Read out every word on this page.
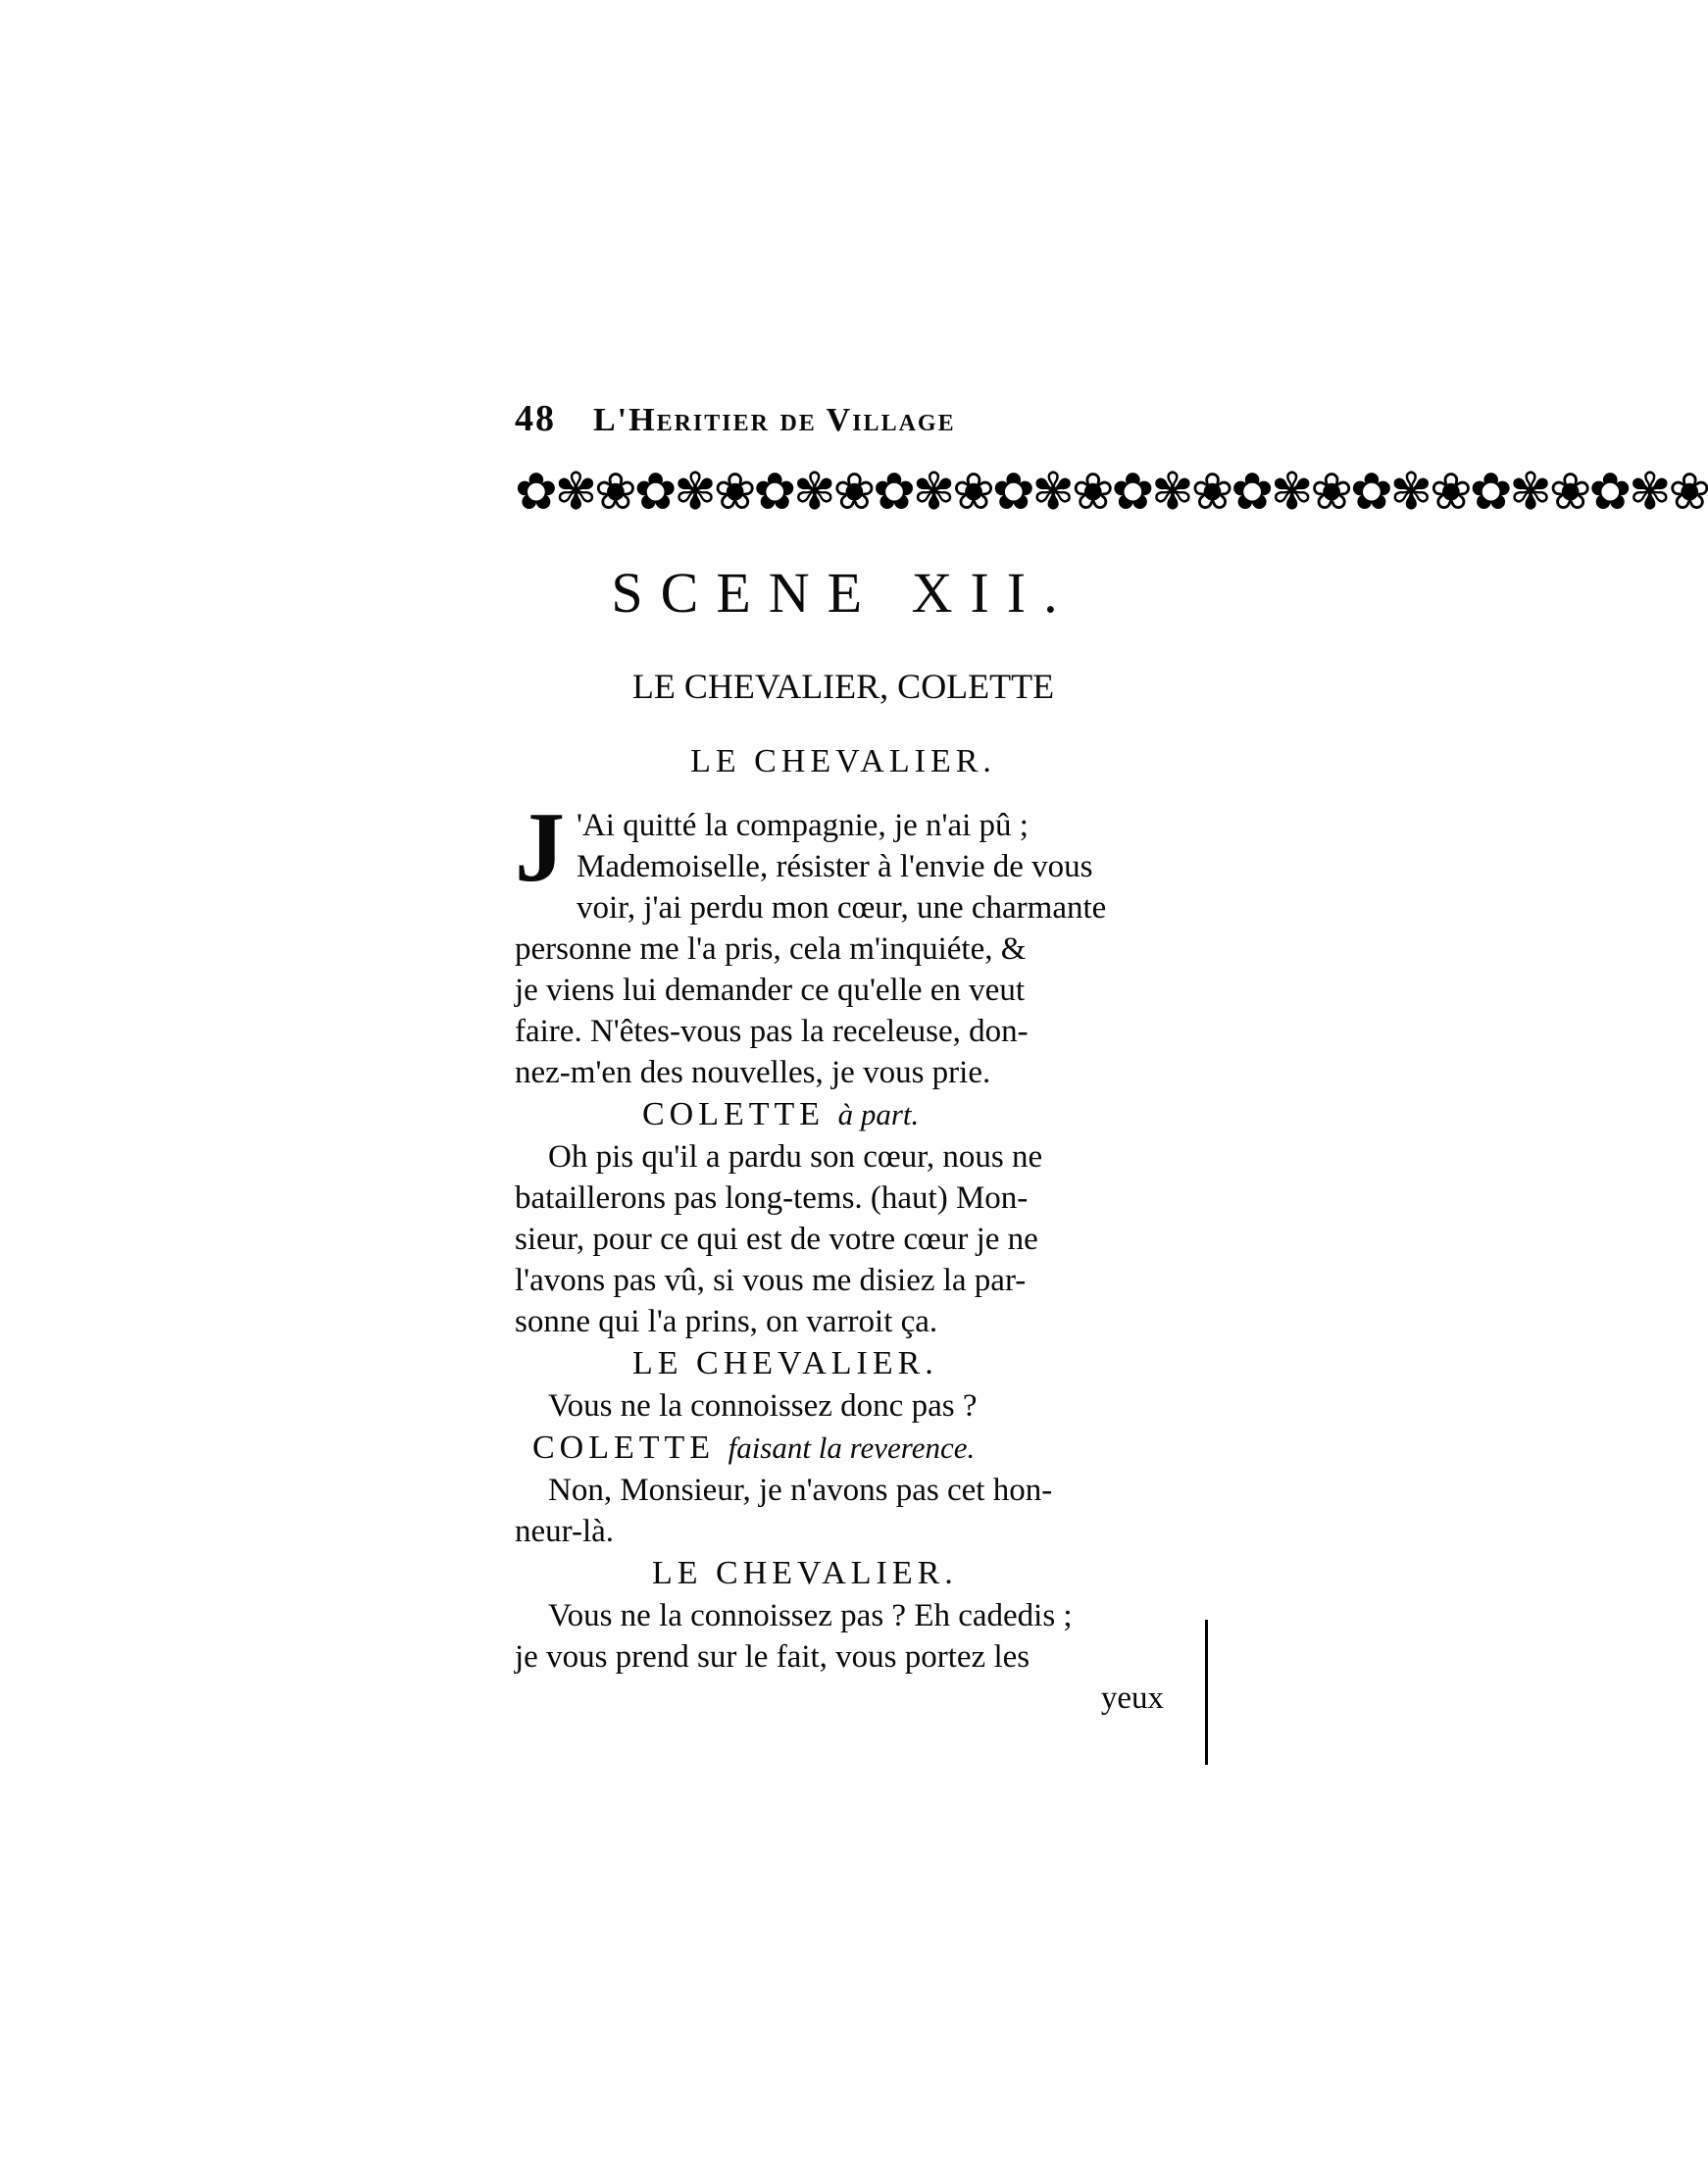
48	L'Heritier de Village
✿✾❀✿✾❀✿✾❀✿✾❀✿✾❀✿✾❀✿✾❀✿✾❀✿✾❀✿✾❀
SCENE XII.
LE CHEVALIER, COLETTE
LE CHEVALIER.
J 'Ai quitté la compagnie, je n'ai pû ;
Mademoiselle, résister à l'envie de vous
voir, j'ai perdu mon cœur, une charmante
personne me l'a pris, cela m'inquiéte, &
je viens lui demander ce qu'elle en veut
faire. N'êtes-vous pas la receleuse, don-
nez-m'en des nouvelles, je vous prie.
COLETTE à part.
Oh pis qu'il a pardu son cœur, nous ne
bataillerons pas long-tems. (haut) Mon-
sieur, pour ce qui est de votre cœur je ne
l'avons pas vû, si vous me disiez la par-
sonne qui l'a prins, on varroit ça.
LE CHEVALIER.
Vous ne la connoissez donc pas ?
COLETTE faisant la reverence.
Non, Monsieur, je n'avons pas cet hon-
neur-là.
LE CHEVALIER.
Vous ne la connoissez pas ? Eh cadedis ;
je vous prend sur le fait, vous portez les
yeux
